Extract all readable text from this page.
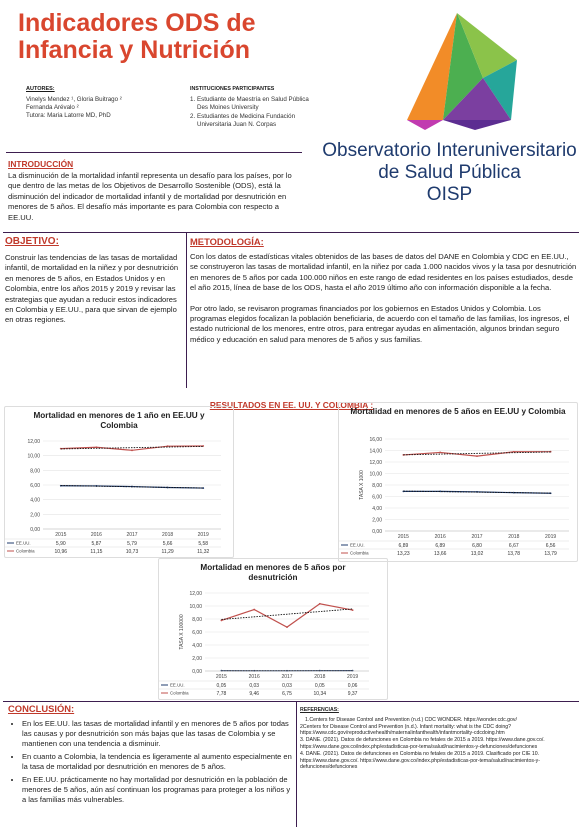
Indicadores ODS de
Infancia y Nutrición
AUTORES:
Vinelys Mendez ¹, Gloria Buitrago ²
Fernanda Arévalo ²
Tutora: Maria Latorre MD, PhD
INSTITUCIONES PARTICIPANTES
1. Estudiante de Maestría en Salud Pública Des Moines University
2. Estudiantes de Medicina Fundación Universitaria Juan N. Corpas
Observatorio Interuniversitario
de Salud Pública
OISP
INTRODUCCIÓN
La disminución de la mortalidad infantil representa un desafío para los países, por lo que dentro de las metas de los Objetivos de Desarrollo Sostenible (ODS), está la disminución del indicador de mortalidad infantil y de mortalidad por desnutrición en menores de 5 años. El desafío más importante es para Colombia con respecto a EE.UU.
OBJETIVO:
Construir las tendencias de las tasas de mortalidad infantil, de mortalidad en la niñez y por desnutrición en menores de 5 años, en Estados Unidos y en Colombia, entre los años 2015 y 2019 y revisar las estrategias que ayudan a reducir estos indicadores en Colombia y EE.UU., para que sirvan de ejemplo en otras regiones.
METODOLOGÍA:
Con los datos de estadísticas vitales obtenidos de las bases de datos del DANE en Colombia y CDC en EE.UU., se construyeron las tasas de mortalidad infantil, en la niñez por cada 1.000 nacidos vivos y la tasa por desnutrición en menores de 5 años por cada 100.000 niños en este rango de edad residentes en los países estudiados, desde el año 2015, línea de base de los ODS, hasta el año 2019 último año con información disponible a la fecha.
Por otro lado, se revisaron programas financiados por los gobiernos en Estados Unidos y Colombia. Los programas elegidos focalizan la población beneficiaria, de acuerdo con el tamaño de las familias, los ingresos, el estado nutricional de los menores, entre otros, para entregar ayudas en alimentación, algunos brindan seguro médico y educación en salud para menores de 5 años y sus familias.
RESULTADOS EN EE. UU. Y COLOMBIA :
Mortalidad en menores de 1 año en EE.UU y Colombia
0,00
2,00
4,00
6,00
8,00
10,00
12,00
2015	2016	2017	2018	2019
EE.UU.	5,90	5,87	5,79	5,66	5,58
Colombia	10,96	11,15	10,73	11,29	11,32
Mortalidad en menores de 5 años en EE.UU y Colombia
0,00
2,00
4,00
6,00
8,00
10,00
12,00
14,00
16,00
TASA X 1000
2015	2016	2017	2018	2019
EE.UU.	6,89	6,89	6,80	6,67	6,56
Colombia	13,23	13,66	13,02	13,78	13,79
Mortalidad en menores de 5 años por desnutrición
0,00
2,00
4,00
6,00
8,00
10,00
12,00
TASA X 100000
2015	2016	2017	2018	2019
EE.UU.	0,05	0,03	0,03	0,05	0,06
Colombia	7,78	9,46	6,75	10,34	9,37
CONCLUSIÓN:
• En los EE.UU. las tasas de mortalidad infantil y en menores de 5 años por todas las causas y por desnutrición son más bajas que las tasas de Colombia y se mantienen con una tendencia a disminuir.
• En cuanto a Colombia, la tendencia es ligeramente al aumento especialmente en la tasa de mortalidad por desnutrición en menores de 5 años.
• En EE.UU. prácticamente no hay mortalidad por desnutrición en la población de menores de 5 años, aún así continuan los programas para proteger a los niños y a las familias más vulnerables.
REFERENCIAS:
1.Centers for Disease Control and Prevention (n.d.) CDC WONDER. https://wonder.cdc.gov/
2Centers for Disease Control and Prevention (n.d.). Infant mortality: what is the CDC doing? https://www.cdc.gov/reproductivehealth/maternalinfanthealth/infantmortality-cdcdoing.htm
3. DANE. (2021). Datos de defunciones en Colombia no fetales de 2015 a 2019. https://www.dane.gov.co/. https://www.dane.gov.co/index.php/estadisticas-por-tema/salud/nacimientos-y-defunciones/defunciones
4. DANE. (2021). Datos de defunciones en Colombia no fetales de 2015 a 2019. Clasificado por CIE 10. https://www.dane.gov.co/. https://www.dane.gov.co/index.php/estadisticas-por-tema/salud/nacimientos-y-defunciones/defunciones
